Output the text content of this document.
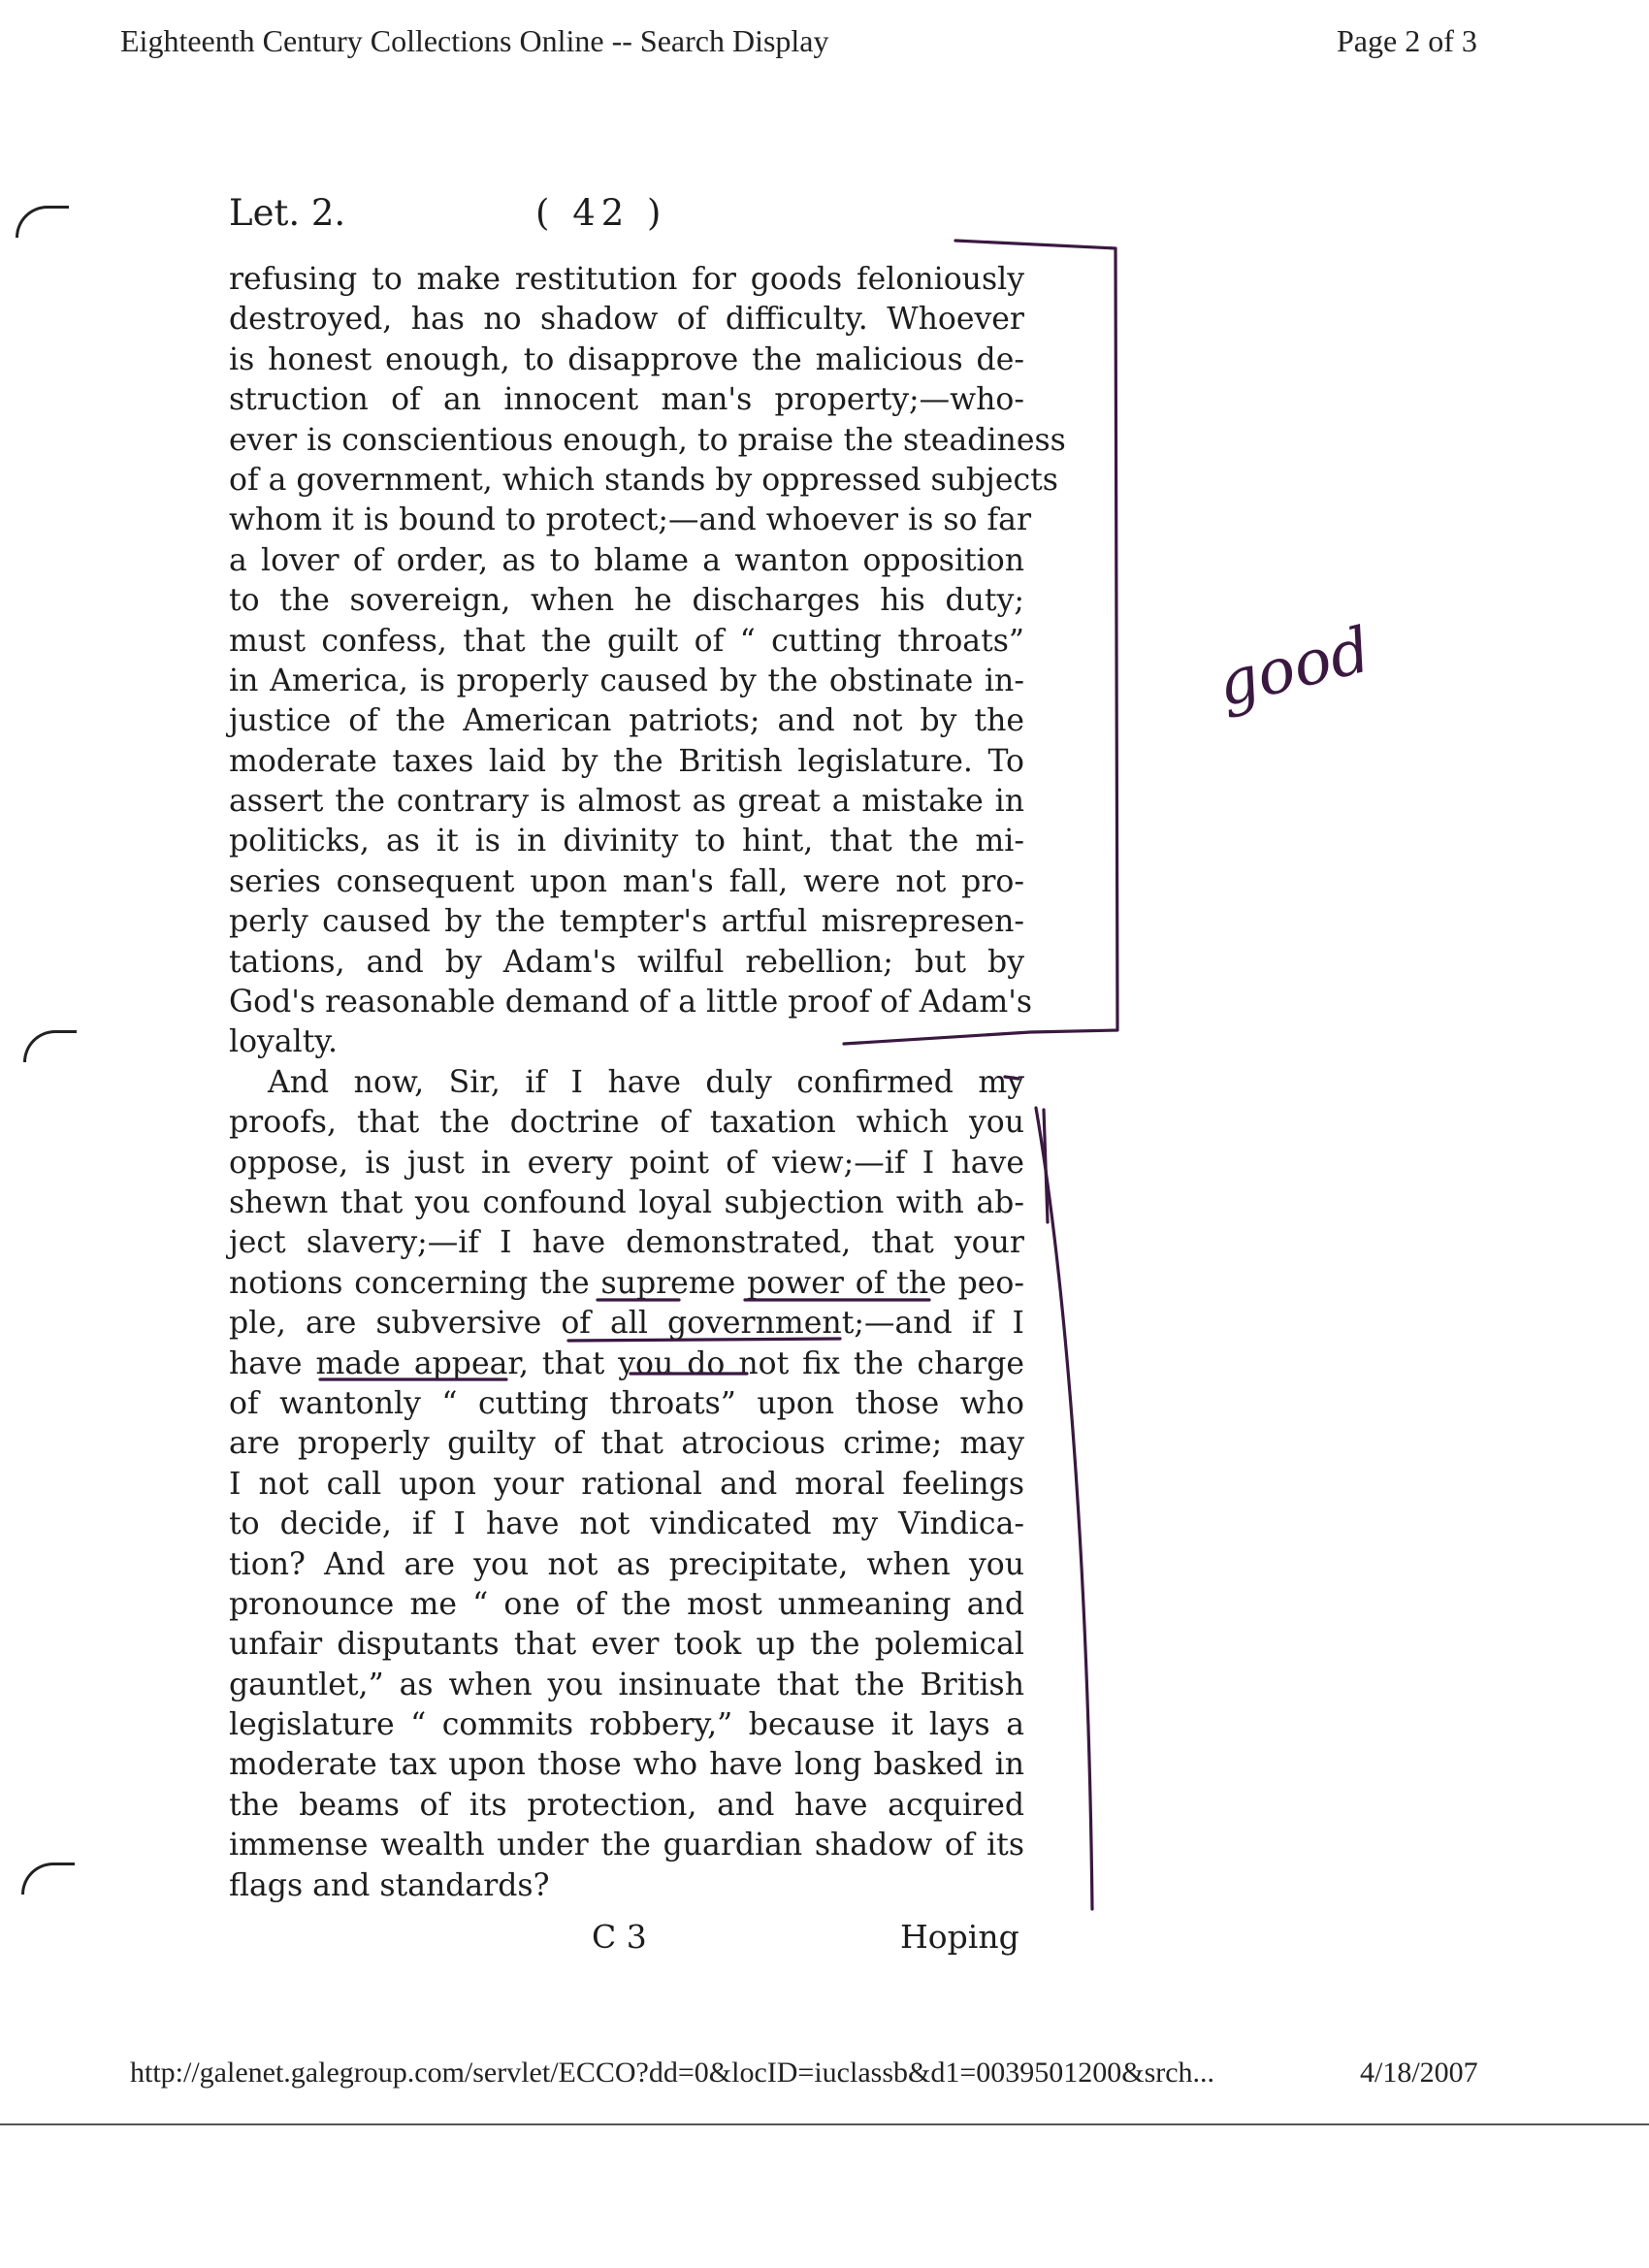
Eighteenth Century Collections Online -- Search Display	Page 2 of 3
Let. 2.	( 42 )
refusing to make restitution for goods feloniously
destroyed, has no shadow of difficulty. Whoever
is honest enough, to disapprove the malicious de-
struction of an innocent man's property;—who-
ever is conscientious enough, to praise the steadiness
of a government, which stands by oppressed subjects
whom it is bound to protect;—and whoever is so far
a lover of order, as to blame a wanton opposition
to the sovereign, when he discharges his duty;
must confess, that the guilt of “ cutting throats”
in America, is properly caused by the obstinate in-
justice of the American patriots; and not by the
moderate taxes laid by the British legislature. To
assert the contrary is almost as great a mistake in
politicks, as it is in divinity to hint, that the mi-
series consequent upon man's fall, were not pro-
perly caused by the tempter's artful misrepresen-
tations, and by Adam's wilful rebellion; but by
God's reasonable demand of a little proof of Adam's
loyalty.
And now, Sir, if I have duly confirmed my
proofs, that the doctrine of taxation which you
oppose, is just in every point of view;—if I have
shewn that you confound loyal subjection with ab-
ject slavery;—if I have demonstrated, that your
notions concerning the supreme power of the peo-
ple, are subversive of all government;—and if I
have made appear, that you do not fix the charge
of wantonly “ cutting throats” upon those who
are properly guilty of that atrocious crime; may
I not call upon your rational and moral feelings
to decide, if I have not vindicated my Vindica-
tion? And are you not as precipitate, when you
pronounce me “ one of the most unmeaning and
unfair disputants that ever took up the polemical
gauntlet,” as when you insinuate that the British
legislature “ commits robbery,” because it lays a
moderate tax upon those who have long basked in
the beams of its protection, and have acquired
immense wealth under the guardian shadow of its
flags and standards?
C 3	Hoping
good
http://galenet.galegroup.com/servlet/ECCO?dd=0&locID=iuclassb&d1=0039501200&srch...	4/18/2007
